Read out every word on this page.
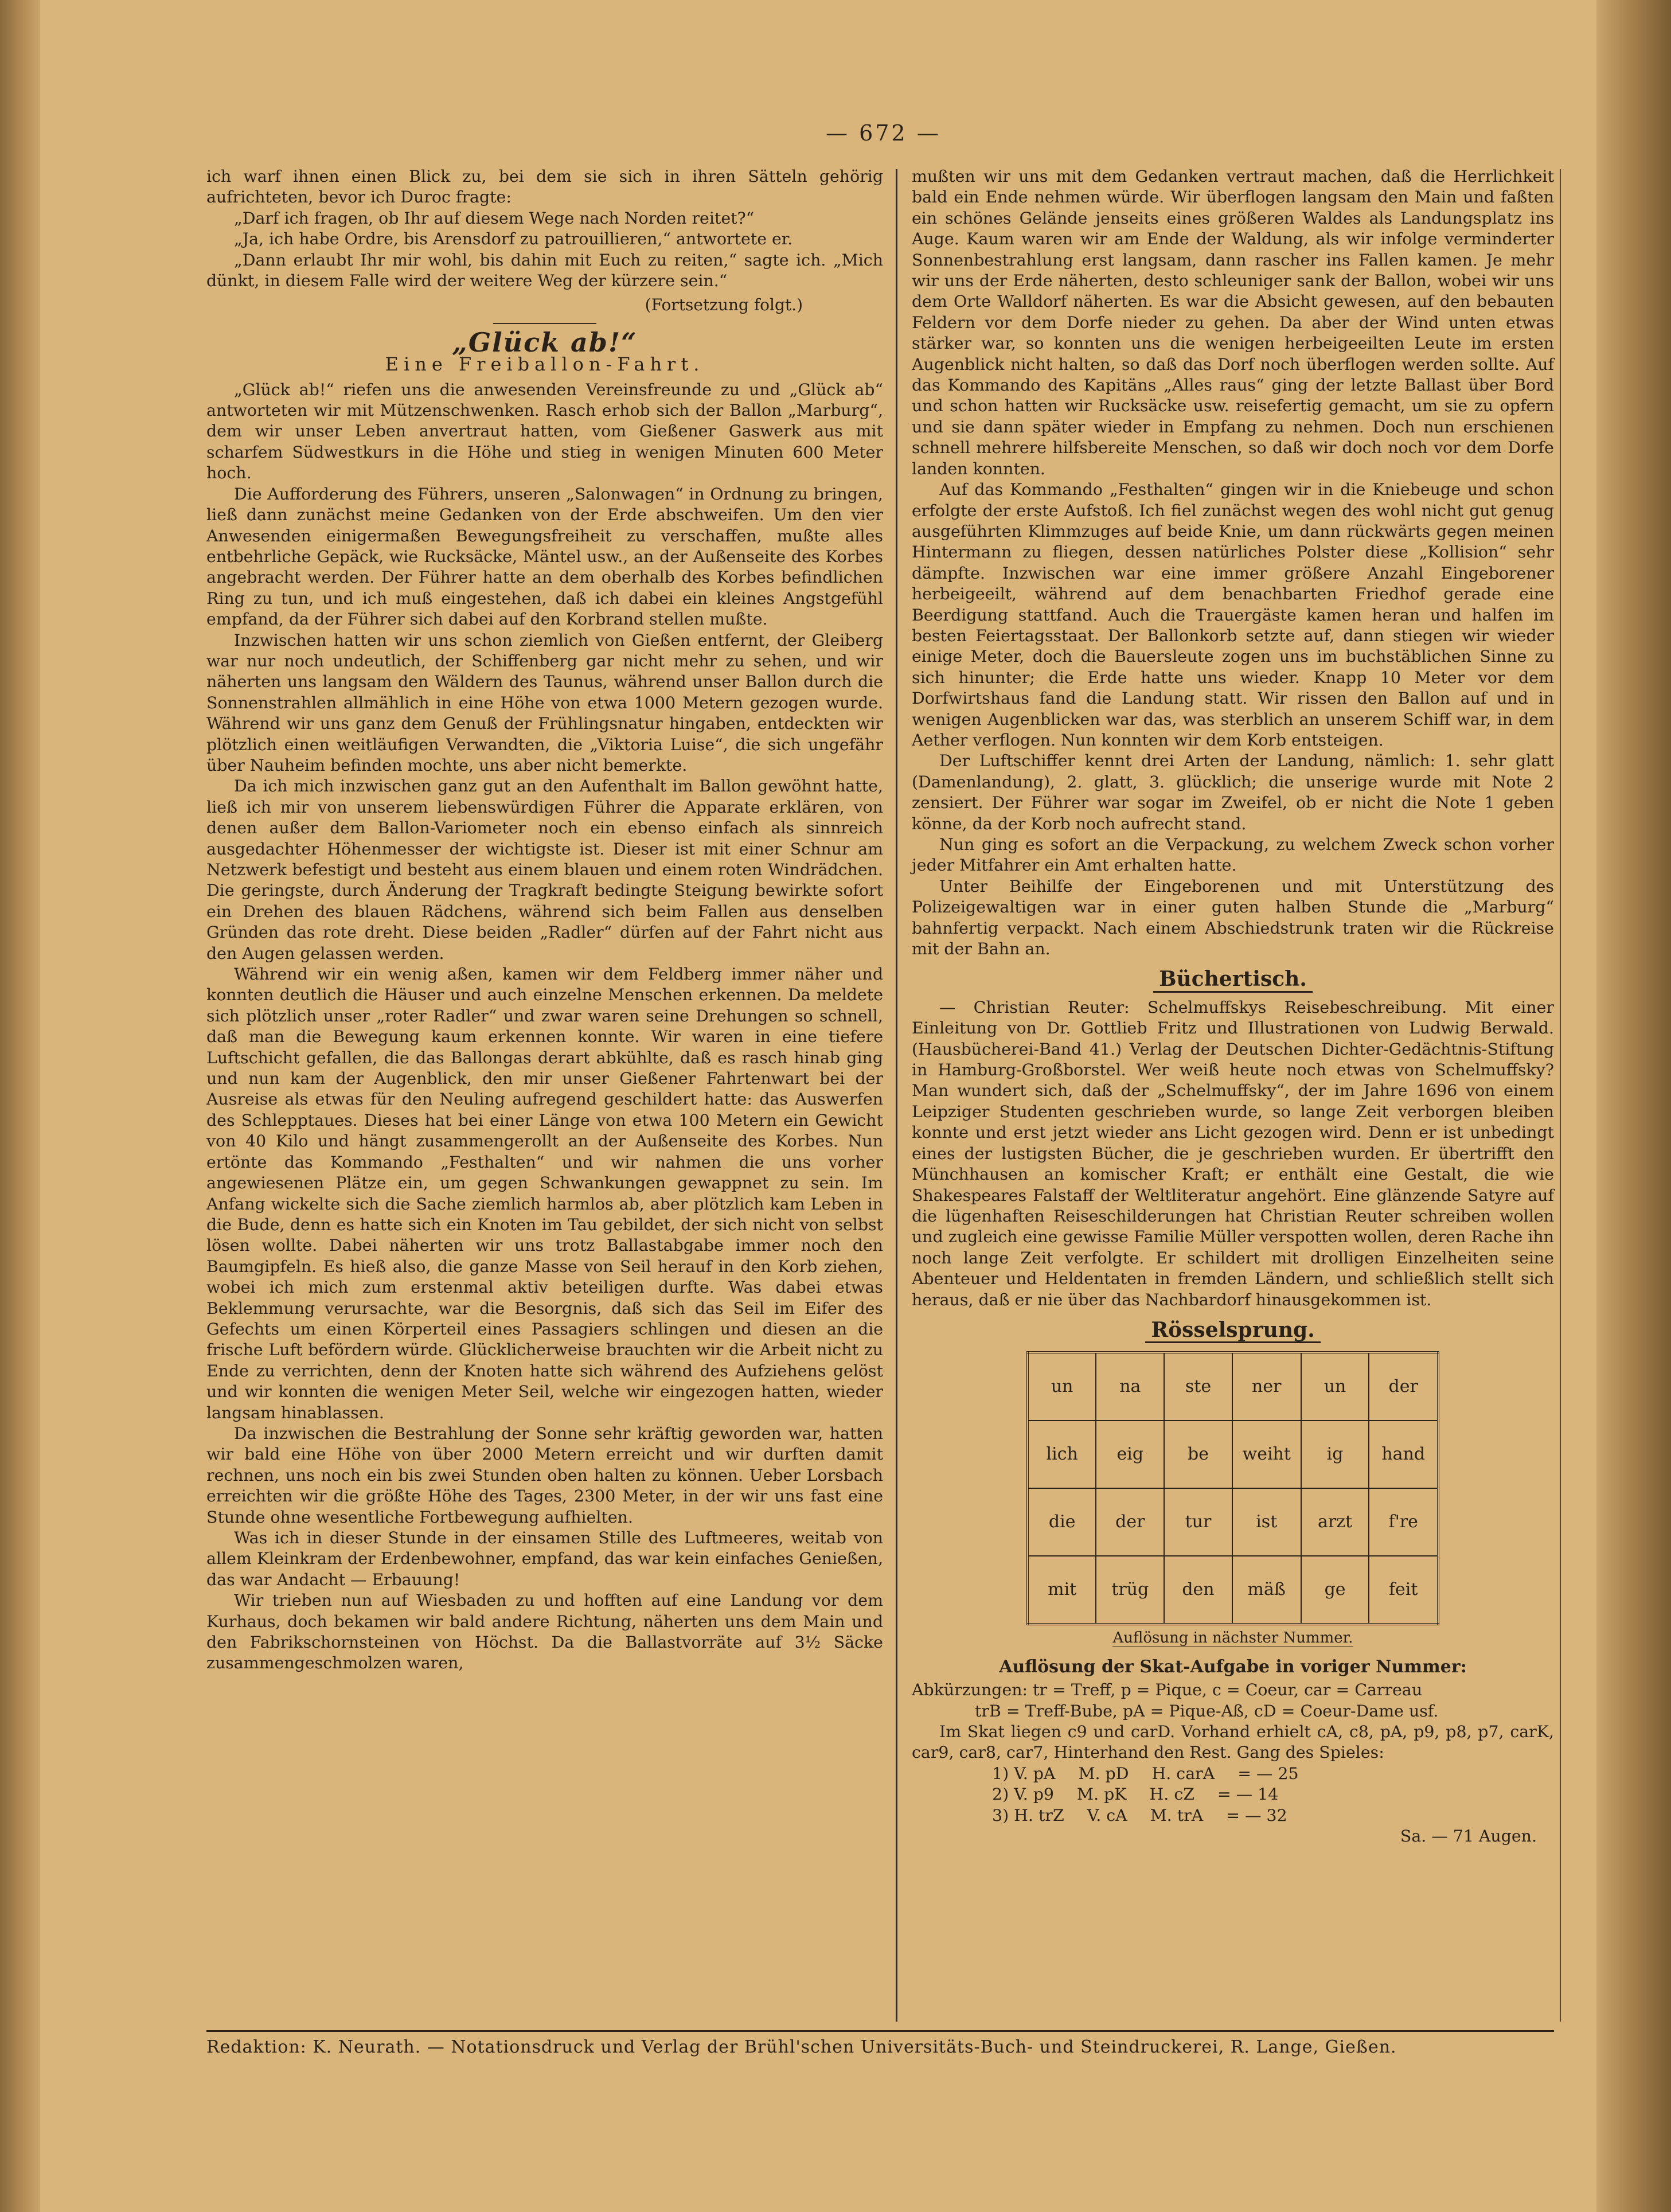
— 672 —

ich warf ihnen einen Blick zu, bei dem sie sich in ihren Sätteln gehörig aufrichteten, bevor ich Duroc fragte:

„Darf ich fragen, ob Ihr auf diesem Wege nach Norden reitet?“

„Ja, ich habe Ordre, bis Arensdorf zu patrouillieren,“ antwortete er.

„Dann erlaubt Ihr mir wohl, bis dahin mit Euch zu reiten,“ sagte ich. „Mich dünkt, in diesem Falle wird der weitere Weg der kürzere sein.“

(Fortsetzung folgt.)
„Glück ab!“
Eine Freiballon-Fahrt.

„Glück ab!“ riefen uns die anwesenden Vereinsfreunde zu und „Glück ab“ antworteten wir mit Mützenschwenken. Rasch erhob sich der Ballon „Marburg“, dem wir unser Leben anvertraut hatten, vom Gießener Gaswerk aus mit scharfem Südwestkurs in die Höhe und stieg in wenigen Minuten 600 Meter hoch.

Die Aufforderung des Führers, unseren „Salonwagen“ in Ordnung zu bringen, ließ dann zunächst meine Gedanken von der Erde abschweifen. Um den vier Anwesenden einigermaßen Bewegungsfreiheit zu verschaffen, mußte alles entbehrliche Gepäck, wie Rucksäcke, Mäntel usw., an der Außenseite des Korbes angebracht werden. Der Führer hatte an dem oberhalb des Korbes befindlichen Ring zu tun, und ich muß eingestehen, daß ich dabei ein kleines Angstgefühl empfand, da der Führer sich dabei auf den Korbrand stellen mußte.

Inzwischen hatten wir uns schon ziemlich von Gießen entfernt, der Gleiberg war nur noch undeutlich, der Schiffenberg gar nicht mehr zu sehen, und wir näherten uns langsam den Wäldern des Taunus, während unser Ballon durch die Sonnenstrahlen allmählich in eine Höhe von etwa 1000 Metern gezogen wurde. Während wir uns ganz dem Genuß der Frühlingsnatur hingaben, entdeckten wir plötzlich einen weitläufigen Verwandten, die „Viktoria Luise“, die sich ungefähr über Nauheim befinden mochte, uns aber nicht bemerkte.

Da ich mich inzwischen ganz gut an den Aufenthalt im Ballon gewöhnt hatte, ließ ich mir von unserem liebenswürdigen Führer die Apparate erklären, von denen außer dem Ballon-Variometer noch ein ebenso einfach als sinnreich ausgedachter Höhenmesser der wichtigste ist. Dieser ist mit einer Schnur am Netzwerk befestigt und besteht aus einem blauen und einem roten Windrädchen. Die geringste, durch Änderung der Tragkraft bedingte Steigung bewirkte sofort ein Drehen des blauen Rädchens, während sich beim Fallen aus denselben Gründen das rote dreht. Diese beiden „Radler“ dürfen auf der Fahrt nicht aus den Augen gelassen werden.

Während wir ein wenig aßen, kamen wir dem Feldberg immer näher und konnten deutlich die Häuser und auch einzelne Menschen erkennen. Da meldete sich plötzlich unser „roter Radler“ und zwar waren seine Drehungen so schnell, daß man die Bewegung kaum erkennen konnte. Wir waren in eine tiefere Luftschicht gefallen, die das Ballongas derart abkühlte, daß es rasch hinab ging und nun kam der Augenblick, den mir unser Gießener Fahrtenwart bei der Ausreise als etwas für den Neuling aufregend geschildert hatte: das Auswerfen des Schlepptaues. Dieses hat bei einer Länge von etwa 100 Metern ein Gewicht von 40 Kilo und hängt zusammengerollt an der Außenseite des Korbes. Nun ertönte das Kommando „Festhalten“ und wir nahmen die uns vorher angewiesenen Plätze ein, um gegen Schwankungen gewappnet zu sein. Im Anfang wickelte sich die Sache ziemlich harmlos ab, aber plötzlich kam Leben in die Bude, denn es hatte sich ein Knoten im Tau gebildet, der sich nicht von selbst lösen wollte. Dabei näherten wir uns trotz Ballastabgabe immer noch den Baumgipfeln. Es hieß also, die ganze Masse von Seil herauf in den Korb ziehen, wobei ich mich zum erstenmal aktiv beteiligen durfte. Was dabei etwas Beklemmung verursachte, war die Besorgnis, daß sich das Seil im Eifer des Gefechts um einen Körperteil eines Passagiers schlingen und diesen an die frische Luft befördern würde. Glücklicherweise brauchten wir die Arbeit nicht zu Ende zu verrichten, denn der Knoten hatte sich während des Aufziehens gelöst und wir konnten die wenigen Meter Seil, welche wir eingezogen hatten, wieder langsam hinablassen.

Da inzwischen die Bestrahlung der Sonne sehr kräftig geworden war, hatten wir bald eine Höhe von über 2000 Metern erreicht und wir durften damit rechnen, uns noch ein bis zwei Stunden oben halten zu können. Ueber Lorsbach erreichten wir die größte Höhe des Tages, 2300 Meter, in der wir uns fast eine Stunde ohne wesentliche Fortbewegung aufhielten.

Was ich in dieser Stunde in der einsamen Stille des Luftmeeres, weitab von allem Kleinkram der Erdenbewohner, empfand, das war kein einfaches Genießen, das war Andacht — Erbauung!

Wir trieben nun auf Wiesbaden zu und hofften auf eine Landung vor dem Kurhaus, doch bekamen wir bald andere Richtung, näherten uns dem Main und den Fabrikschornsteinen von Höchst. Da die Ballastvorräte auf 3½ Säcke zusammengeschmolzen waren,

mußten wir uns mit dem Gedanken vertraut machen, daß die Herrlichkeit bald ein Ende nehmen würde. Wir überflogen langsam den Main und faßten ein schönes Gelände jenseits eines größeren Waldes als Landungsplatz ins Auge. Kaum waren wir am Ende der Waldung, als wir infolge verminderter Sonnenbestrahlung erst langsam, dann rascher ins Fallen kamen. Je mehr wir uns der Erde näherten, desto schleuniger sank der Ballon, wobei wir uns dem Orte Walldorf näherten. Es war die Absicht gewesen, auf den bebauten Feldern vor dem Dorfe nieder zu gehen. Da aber der Wind unten etwas stärker war, so konnten uns die wenigen herbeigeeilten Leute im ersten Augenblick nicht halten, so daß das Dorf noch überflogen werden sollte. Auf das Kommando des Kapitäns „Alles raus“ ging der letzte Ballast über Bord und schon hatten wir Rucksäcke usw. reisefertig gemacht, um sie zu opfern und sie dann später wieder in Empfang zu nehmen. Doch nun erschienen schnell mehrere hilfsbereite Menschen, so daß wir doch noch vor dem Dorfe landen konnten.

Auf das Kommando „Festhalten“ gingen wir in die Kniebeuge und schon erfolgte der erste Aufstoß. Ich fiel zunächst wegen des wohl nicht gut genug ausgeführten Klimmzuges auf beide Knie, um dann rückwärts gegen meinen Hintermann zu fliegen, dessen natürliches Polster diese „Kollision“ sehr dämpfte. Inzwischen war eine immer größere Anzahl Eingeborener herbeigeeilt, während auf dem benachbarten Friedhof gerade eine Beerdigung stattfand. Auch die Trauergäste kamen heran und halfen im besten Feiertagsstaat. Der Ballonkorb setzte auf, dann stiegen wir wieder einige Meter, doch die Bauersleute zogen uns im buchstäblichen Sinne zu sich hinunter; die Erde hatte uns wieder. Knapp 10 Meter vor dem Dorfwirtshaus fand die Landung statt. Wir rissen den Ballon auf und in wenigen Augenblicken war das, was sterblich an unserem Schiff war, in dem Aether verflogen. Nun konnten wir dem Korb entsteigen.

Der Luftschiffer kennt drei Arten der Landung, nämlich: 1. sehr glatt (Damenlandung), 2. glatt, 3. glücklich; die unserige wurde mit Note 2 zensiert. Der Führer war sogar im Zweifel, ob er nicht die Note 1 geben könne, da der Korb noch aufrecht stand.

Nun ging es sofort an die Verpackung, zu welchem Zweck schon vorher jeder Mitfahrer ein Amt erhalten hatte.

Unter Beihilfe der Eingeborenen und mit Unterstützung des Polizeigewaltigen war in einer guten halben Stunde die „Marburg“ bahnfertig verpackt. Nach einem Abschiedstrunk traten wir die Rückreise mit der Bahn an.

Büchertisch.

— Christian Reuter: Schelmuffskys Reisebeschreibung. Mit einer Einleitung von Dr. Gottlieb Fritz und Illustrationen von Ludwig Berwald. (Hausbücherei-Band 41.) Verlag der Deutschen Dichter-Gedächtnis-Stiftung in Hamburg-Großborstel. Wer weiß heute noch etwas von Schelmuffsky? Man wundert sich, daß der „Schelmuffsky“, der im Jahre 1696 von einem Leipziger Studenten geschrieben wurde, so lange Zeit verborgen bleiben konnte und erst jetzt wieder ans Licht gezogen wird. Denn er ist unbedingt eines der lustigsten Bücher, die je geschrieben wurden. Er übertrifft den Münchhausen an komischer Kraft; er enthält eine Gestalt, die wie Shakespeares Falstaff der Weltliteratur angehört. Eine glänzende Satyre auf die lügenhaften Reiseschilderungen hat Christian Reuter schreiben wollen und zugleich eine gewisse Familie Müller verspotten wollen, deren Rache ihn noch lange Zeit verfolgte. Er schildert mit drolligen Einzelheiten seine Abenteuer und Heldentaten in fremden Ländern, und schließlich stellt sich heraus, daß er nie über das Nachbardorf hinausgekommen ist.

Rösselsprung.
un	na	ste	ner	un	der
lich	eig	be	weiht	ig	hand
die	der	tur	ist	arzt	f're
mit	trüg	den	mäß	ge	feit
Auflösung in nächster Nummer.
Auflösung der Skat-Aufgabe in voriger Nummer:

Abkürzungen: tr = Treff, p = Pique, c = Coeur, car = Carreau

trB = Treff-Bube, pA = Pique-Aß, cD = Coeur-Dame usf.

Im Skat liegen c9 und carD. Vorhand erhielt cA, c8, pA, p9, p8, p7, carK, car9, car8, car7, Hinterhand den Rest. Gang des Spieles:

1) V. pA M. pD H. carA = — 25
2) V. p9 M. pK H. cZ = — 14
3) H. trZ V. cA M. trA = — 32
Sa. — 71 Augen.
Redaktion: K. Neurath. — Notationsdruck und Verlag der Brühl'schen Universitäts-Buch- und Steindruckerei, R. Lange, Gießen.
